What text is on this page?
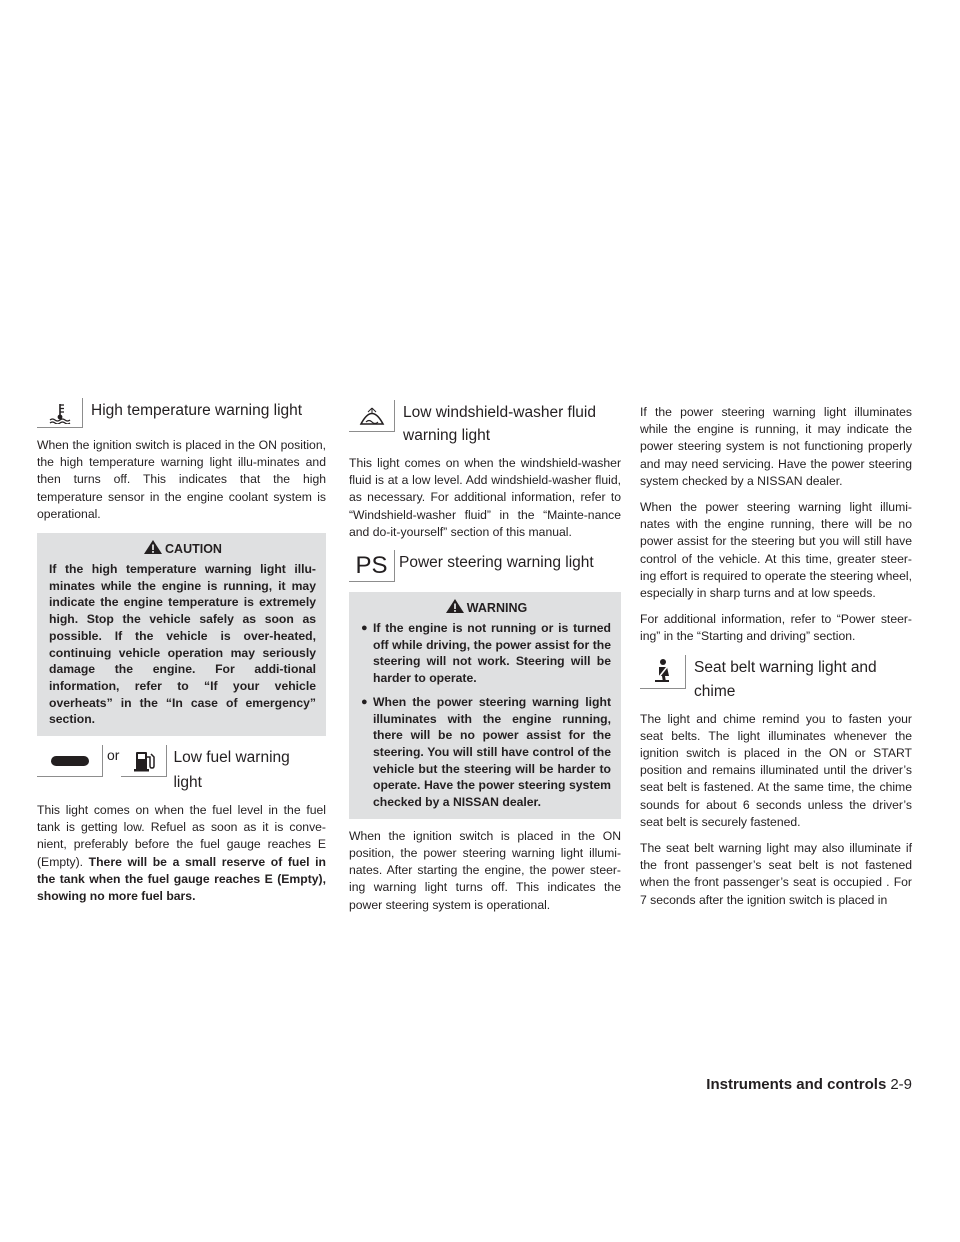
High temperature warning light

When the ignition switch is placed in the ON position, the high temperature warning light illu-minates and then turns off. This indicates that the high temperature sensor in the engine coolant system is operational.

CAUTION
If the high temperature warning light illu-minates while the engine is running, it may indicate the engine temperature is extremely high. Stop the vehicle safely as soon as possible. If the vehicle is over-heated, continuing vehicle operation may seriously damage the engine. For addi-tional information, refer to “If your vehicle overheats” in the “In case of emergency” section.
or	Low fuel warning
light

This light comes on when the fuel level in the fuel tank is getting low. Refuel as soon as it is conve-nient, preferably before the fuel gauge reaches E (Empty). There will be a small reserve of fuel in the tank when the fuel gauge reaches E (Empty), showing no more fuel bars.

Low windshield-washer fluid
warning light

This light comes on when the windshield-washer fluid is at a low level. Add windshield-washer fluid, as necessary. For additional information, refer to “Windshield-washer fluid” in the “Mainte-nance and do-it-yourself” section of this manual.

PS Power steering warning light
WARNING
● If the engine is not running or is turned off while driving, the power assist for the steering will not work. Steering will be harder to operate.
● When the power steering warning light illuminates with the engine running, there will be no power assist for the steering. You will still have control of the vehicle but the steering will be harder to operate. Have the power steering system checked by a NISSAN dealer.

When the ignition switch is placed in the ON position, the power steering warning light illumi-nates. After starting the engine, the power steer-ing warning light turns off. This indicates the power steering system is operational.

If the power steering warning light illuminates while the engine is running, it may indicate the power steering system is not functioning properly and may need servicing. Have the power steering system checked by a NISSAN dealer.

When the power steering warning light illumi-nates with the engine running, there will be no power assist for the steering but you will still have control of the vehicle. At this time, greater steer-ing effort is required to operate the steering wheel, especially in sharp turns and at low speeds.

For additional information, refer to “Power steer-ing” in the “Starting and driving” section.

Seat belt warning light and
chime

The light and chime remind you to fasten your seat belts. The light illuminates whenever the ignition switch is placed in the ON or START position and remains illuminated until the driver’s seat belt is fastened. At the same time, the chime sounds for about 6 seconds unless the driver’s seat belt is securely fastened.

The seat belt warning light may also illuminate if the front passenger’s seat belt is not fastened when the front passenger’s seat is occupied . For 7 seconds after the ignition switch is placed in

Instruments and controls 2-9
